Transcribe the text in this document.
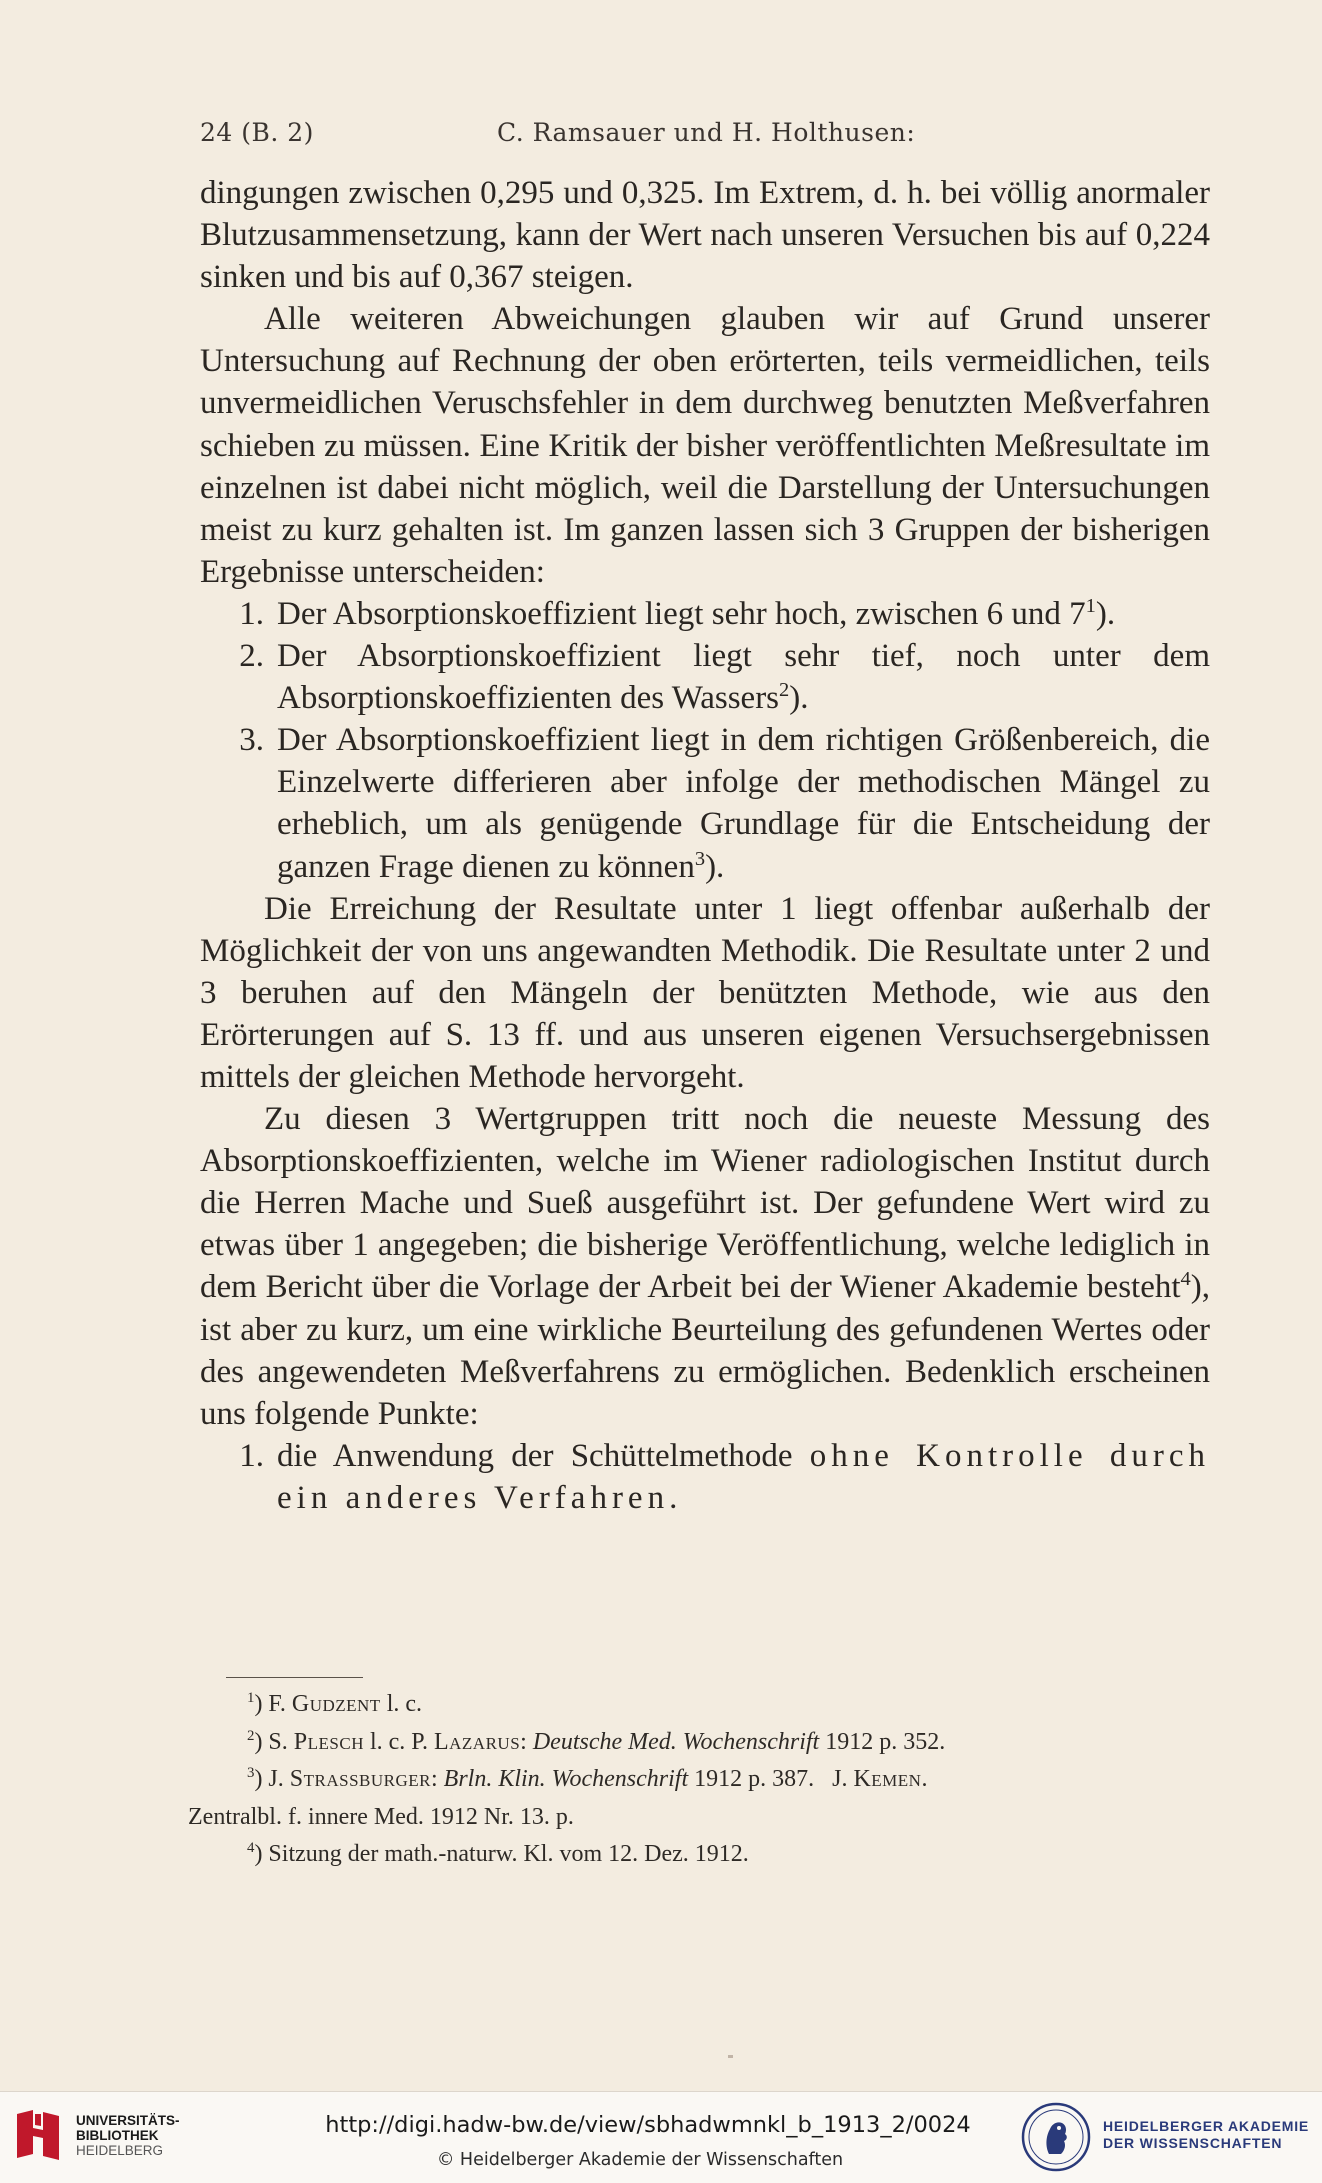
24 (B. 2)	C. Ramsauer und H. Holthusen:

dingungen zwischen 0,295 und 0,325. Im Extrem, d. h. bei völlig anormaler Blutzusammensetzung, kann der Wert nach unseren Versuchen bis auf 0,224 sinken und bis auf 0,367 steigen.

Alle weiteren Abweichungen glauben wir auf Grund unserer Untersuchung auf Rechnung der oben erörterten, teils vermeidlichen, teils unvermeidlichen Veruschsfehler in dem durchweg benutzten Meßverfahren schieben zu müssen. Eine Kritik der bisher veröffentlichten Meßresultate im einzelnen ist dabei nicht möglich, weil die Darstellung der Untersuchungen meist zu kurz gehalten ist. Im ganzen lassen sich 3 Gruppen der bisherigen Ergebnisse unterscheiden:

1. Der Absorptionskoeffizient liegt sehr hoch, zwischen 6 und $7^1$).
2. Der Absorptionskoeffizient liegt sehr tief, noch unter dem Absorptionskoeffizienten des Wassers$^2$).
3. Der Absorptionskoeffizient liegt in dem richtigen Größenbereich, die Einzelwerte differieren aber infolge der methodischen Mängel zu erheblich, um als genügende Grundlage für die Entscheidung der ganzen Frage dienen zu können$^3$).

Die Erreichung der Resultate unter 1 liegt offenbar außerhalb der Möglichkeit der von uns angewandten Methodik. Die Resultate unter 2 und 3 beruhen auf den Mängeln der benützten Methode, wie aus den Erörterungen auf S. 13 ff. und aus unseren eigenen Versuchsergebnissen mittels der gleichen Methode hervorgeht.

Zu diesen 3 Wertgruppen tritt noch die neueste Messung des Absorptionskoeffizienten, welche im Wiener radiologischen Institut durch die Herren Mache und Sueß ausgeführt ist. Der gefundene Wert wird zu etwas über 1 angegeben; die bisherige Veröffentlichung, welche lediglich in dem Bericht über die Vorlage der Arbeit bei der Wiener Akademie besteht$^4$), ist aber zu kurz, um eine wirkliche Beurteilung des gefundenen Wertes oder des angewendeten Meßverfahrens zu ermöglichen. Bedenklich erscheinen uns folgende Punkte:

1. die Anwendung der Schüttelmethode ohne Kontrolle durch ein anderes Verfahren.
$^1$) F. Gudzent l. c.
$^2$) S. Plesch l. c. P. Lazarus: Deutsche Med. Wochenschrift 1912 p. 352.
$^3$) J. Strassburger: Brln. Klin. Wochenschrift 1912 p. 387.   J. Kemen.
Zentralbl. f. innere Med. 1912 Nr. 13. p.
$^4$) Sitzung der math.-naturw. Kl. vom 12. Dez. 1912.
UNIVERSITÄTS-
BIBLIOTHEK
HEIDELBERG
http://digi.hadw-bw.de/view/sbhadwmnkl_b_1913_2/0024
© Heidelberger Akademie der Wissenschaften
HEIDELBERGER AKADEMIE
DER WISSENSCHAFTEN
